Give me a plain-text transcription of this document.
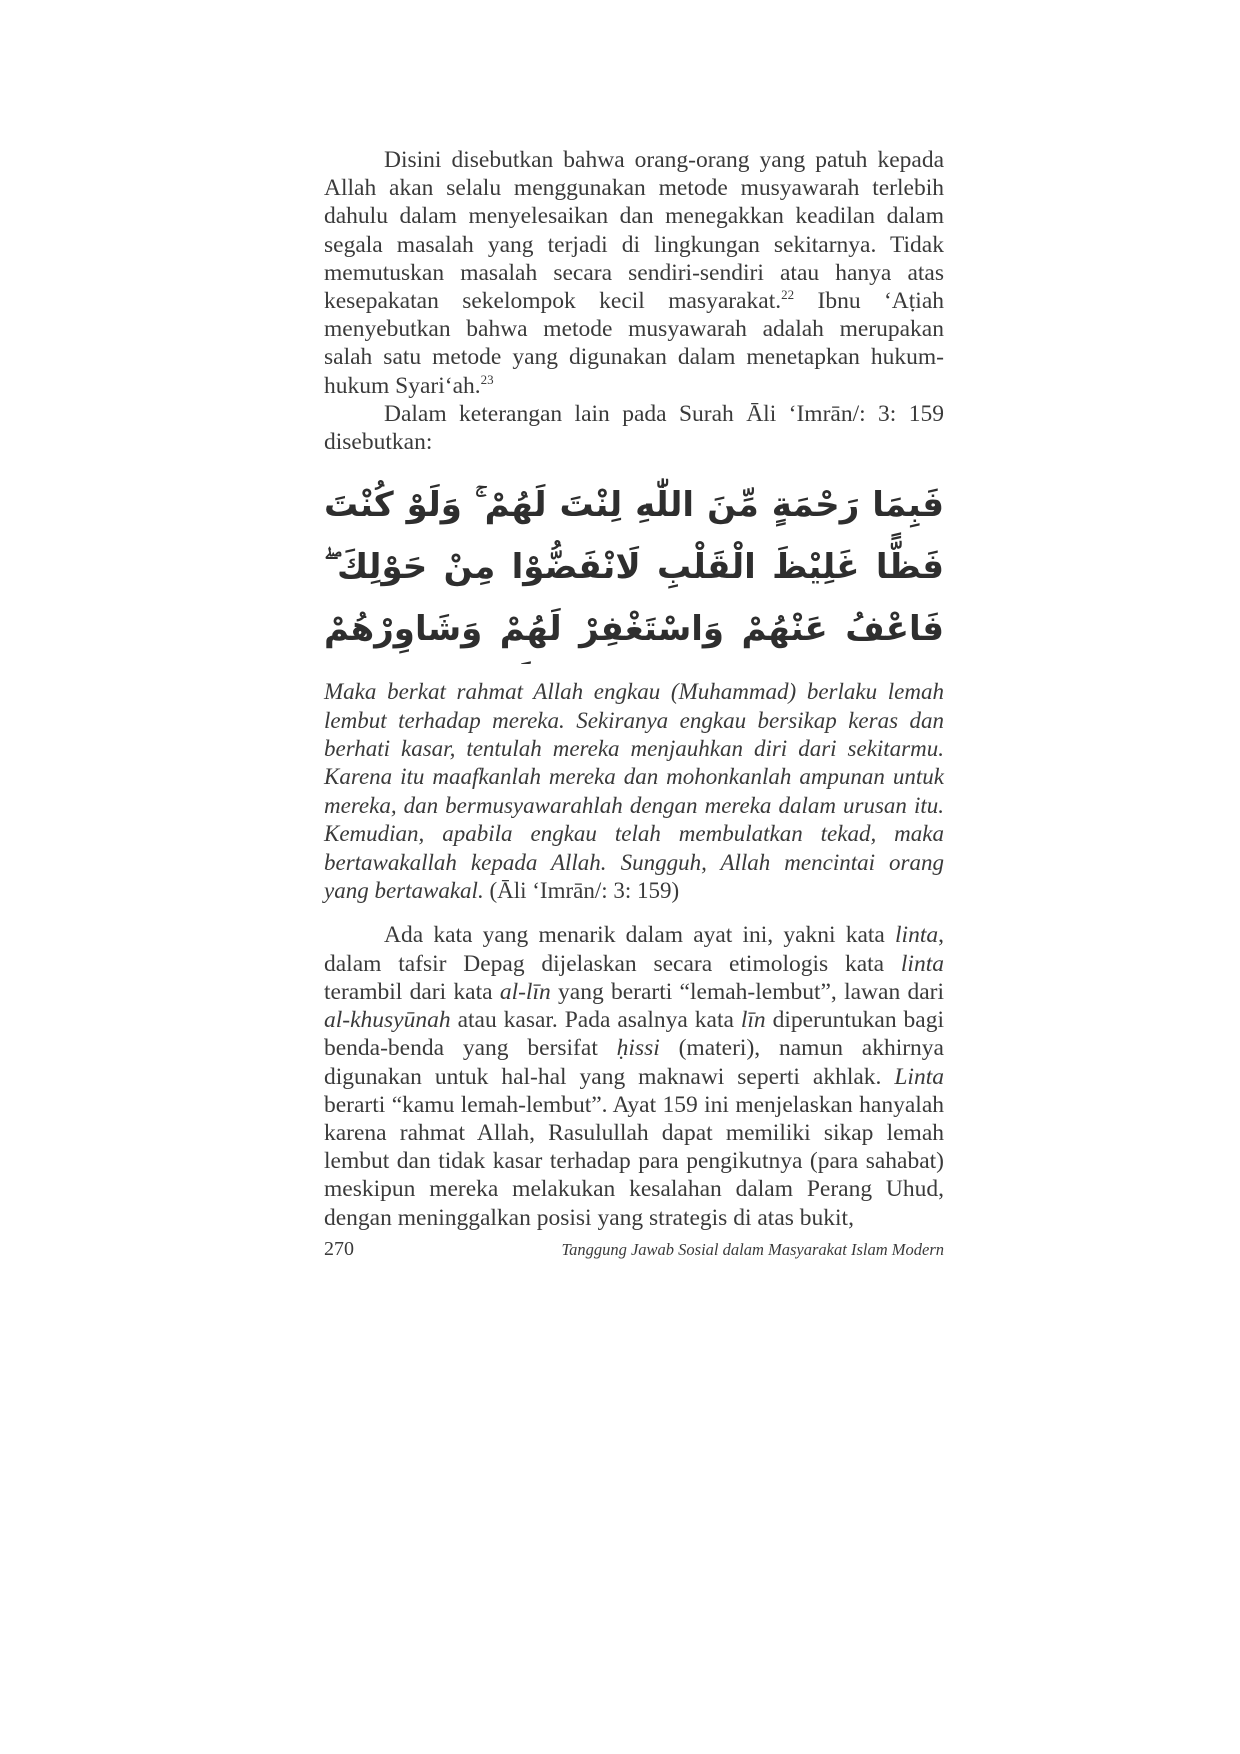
Disini disebutkan bahwa orang-orang yang patuh kepada Allah akan selalu menggunakan metode musyawarah terlebih dahulu dalam menyelesaikan dan menegakkan keadilan dalam segala masalah yang terjadi di lingkungan sekitarnya. Tidak memutuskan masalah secara sendiri-sendiri atau hanya atas kesepakatan sekelompok kecil masyarakat.$^{22}$ Ibnu ‘Aṭiah menyebutkan bahwa metode musyawarah adalah merupakan salah satu metode yang digunakan dalam menetapkan hukum-hukum Syari‘ah.$^{23}$

Dalam keterangan lain pada Surah Āli ‘Imrān/: 3: 159 disebutkan:

فَبِمَا رَحْمَةٍ مِّنَ اللّٰهِ لِنْتَ لَهُمْ ۚ وَلَوْ كُنْتَ فَظًّا غَلِيْظَ الْقَلْبِ لَانْفَضُّوْا مِنْ حَوْلِكَ ۖ فَاعْفُ عَنْهُمْ وَاسْتَغْفِرْ لَهُمْ وَشَاوِرْهُمْ

Maka berkat rahmat Allah engkau (Muhammad) berlaku lemah lembut terhadap mereka. Sekiranya engkau bersikap keras dan berhati kasar, tentulah mereka menjauhkan diri dari sekitarmu. Karena itu maafkanlah mereka dan mohonkanlah ampunan untuk mereka, dan bermusyawarahlah dengan mereka dalam urusan itu. Kemudian, apabila engkau telah membulatkan tekad, maka bertawakallah kepada Allah. Sungguh, Allah mencintai orang yang bertawakal. (Āli ‘Imrān/: 3: 159)

Ada kata yang menarik dalam ayat ini, yakni kata linta, dalam tafsir Depag dijelaskan secara etimologis kata linta terambil dari kata al-līn yang berarti “lemah-lembut”, lawan dari al-khusyūnah atau kasar. Pada asalnya kata līn diperuntukan bagi benda-benda yang bersifat ḥissi (materi), namun akhirnya digunakan untuk hal-hal yang maknawi seperti akhlak. Linta berarti “kamu lemah-lembut”. Ayat 159 ini menjelaskan hanyalah karena rahmat Allah, Rasulullah dapat memiliki sikap lemah lembut dan tidak kasar terhadap para pengikutnya (para sahabat) meskipun mereka melakukan kesalahan dalam Perang Uhud, dengan meninggalkan posisi yang strategis di atas bukit,

270	Tanggung Jawab Sosial dalam Masyarakat Islam Modern
